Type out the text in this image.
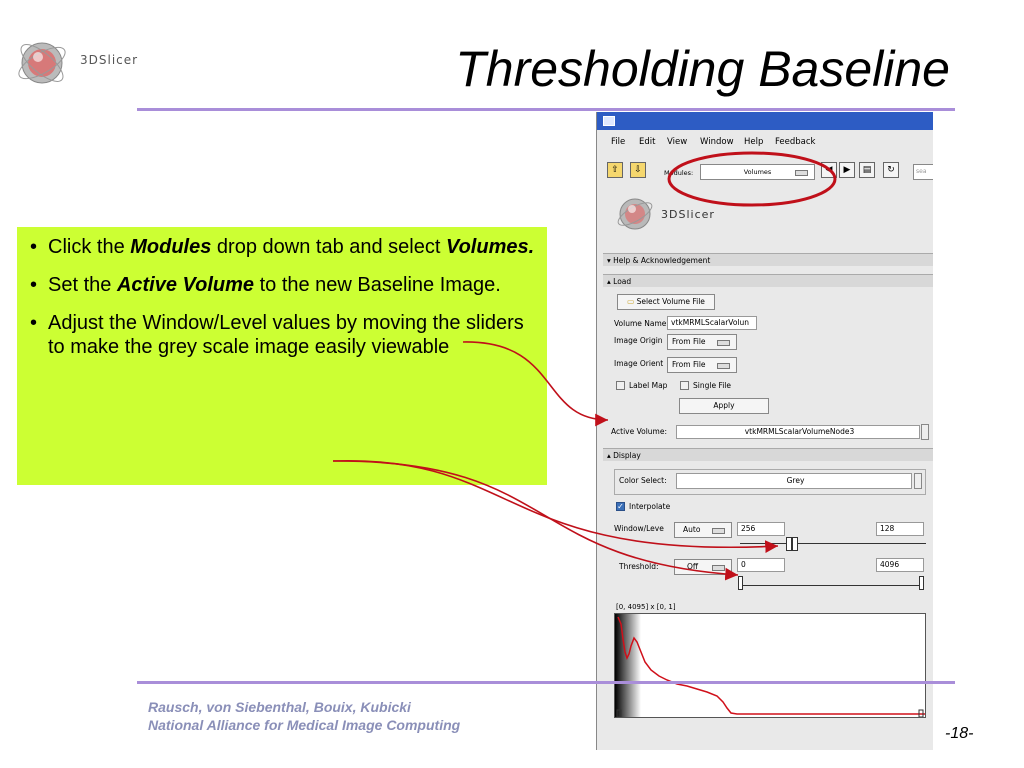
3DSlicer	Thresholding Baseline
• Click the Modules drop down tab and select Volumes.
• Set the Active Volume to the new Baseline Image.
• Adjust the Window/Level values by moving the sliders to make the grey scale image easily viewable
File Edit View Window Help Feedback
⇧	⇩	Modules:	Volumes	◀	▶	▤	↻	sea
3DSlicer
▾ Help & Acknowledgement
▴ Load
▭ Select Volume File
Volume Name vtkMRMLScalarVolun
Image Origin	From File
Image Orient	From File
Label Map	Single File
Apply
Active Volume:	vtkMRMLScalarVolumeNode3
▴ Display
Color Select:	Grey
✓ Interpolate
Window/Leve	Auto	256	128
Threshold:	Off	0	4096
[0, 4095] x [0, 1]
Rausch, von Siebenthal, Bouix, Kubicki
National Alliance for Medical Image Computing	-18-
